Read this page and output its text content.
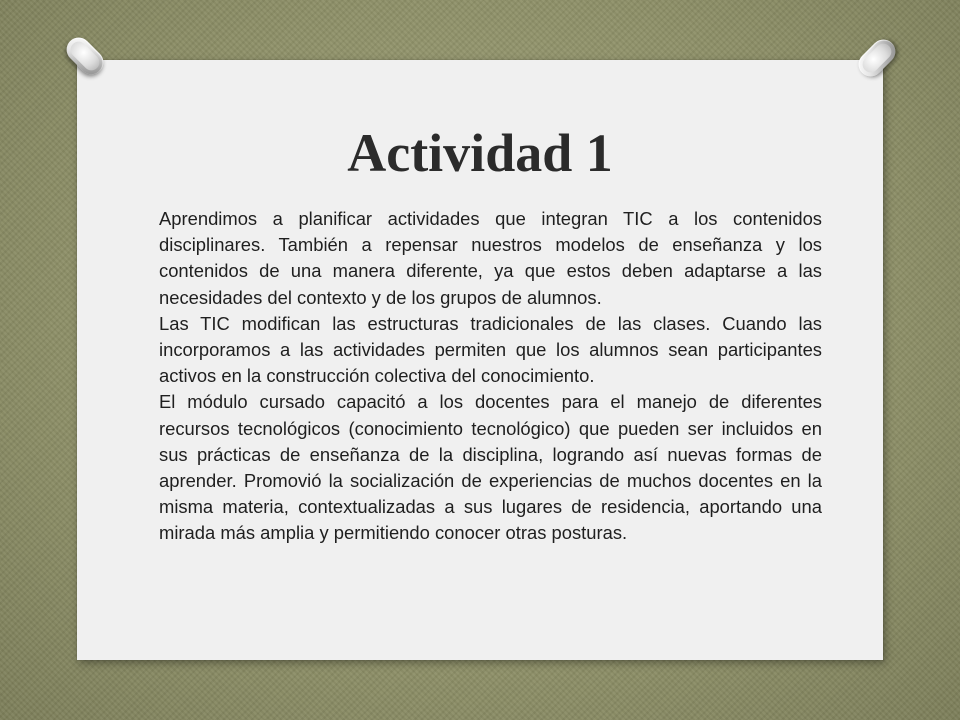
Actividad 1

Aprendimos a planificar actividades que integran TIC a los contenidos disciplinares. También a repensar nuestros modelos de enseñanza y los contenidos de una manera diferente, ya que estos deben adaptarse a las necesidades del contexto y de los grupos de alumnos.

Las TIC modifican las estructuras tradicionales de las clases. Cuando las incorporamos a las actividades permiten que los alumnos sean participantes activos en la construcción colectiva del conocimiento.

El módulo cursado capacitó a los docentes para el manejo de diferentes recursos tecnológicos (conocimiento tecnológico) que pueden ser incluidos en sus prácticas de enseñanza de la disciplina, logrando así nuevas formas de aprender. Promovió la socialización de experiencias de muchos docentes en la misma materia, contextualizadas a sus lugares de residencia, aportando una mirada más amplia y permitiendo conocer otras posturas.
